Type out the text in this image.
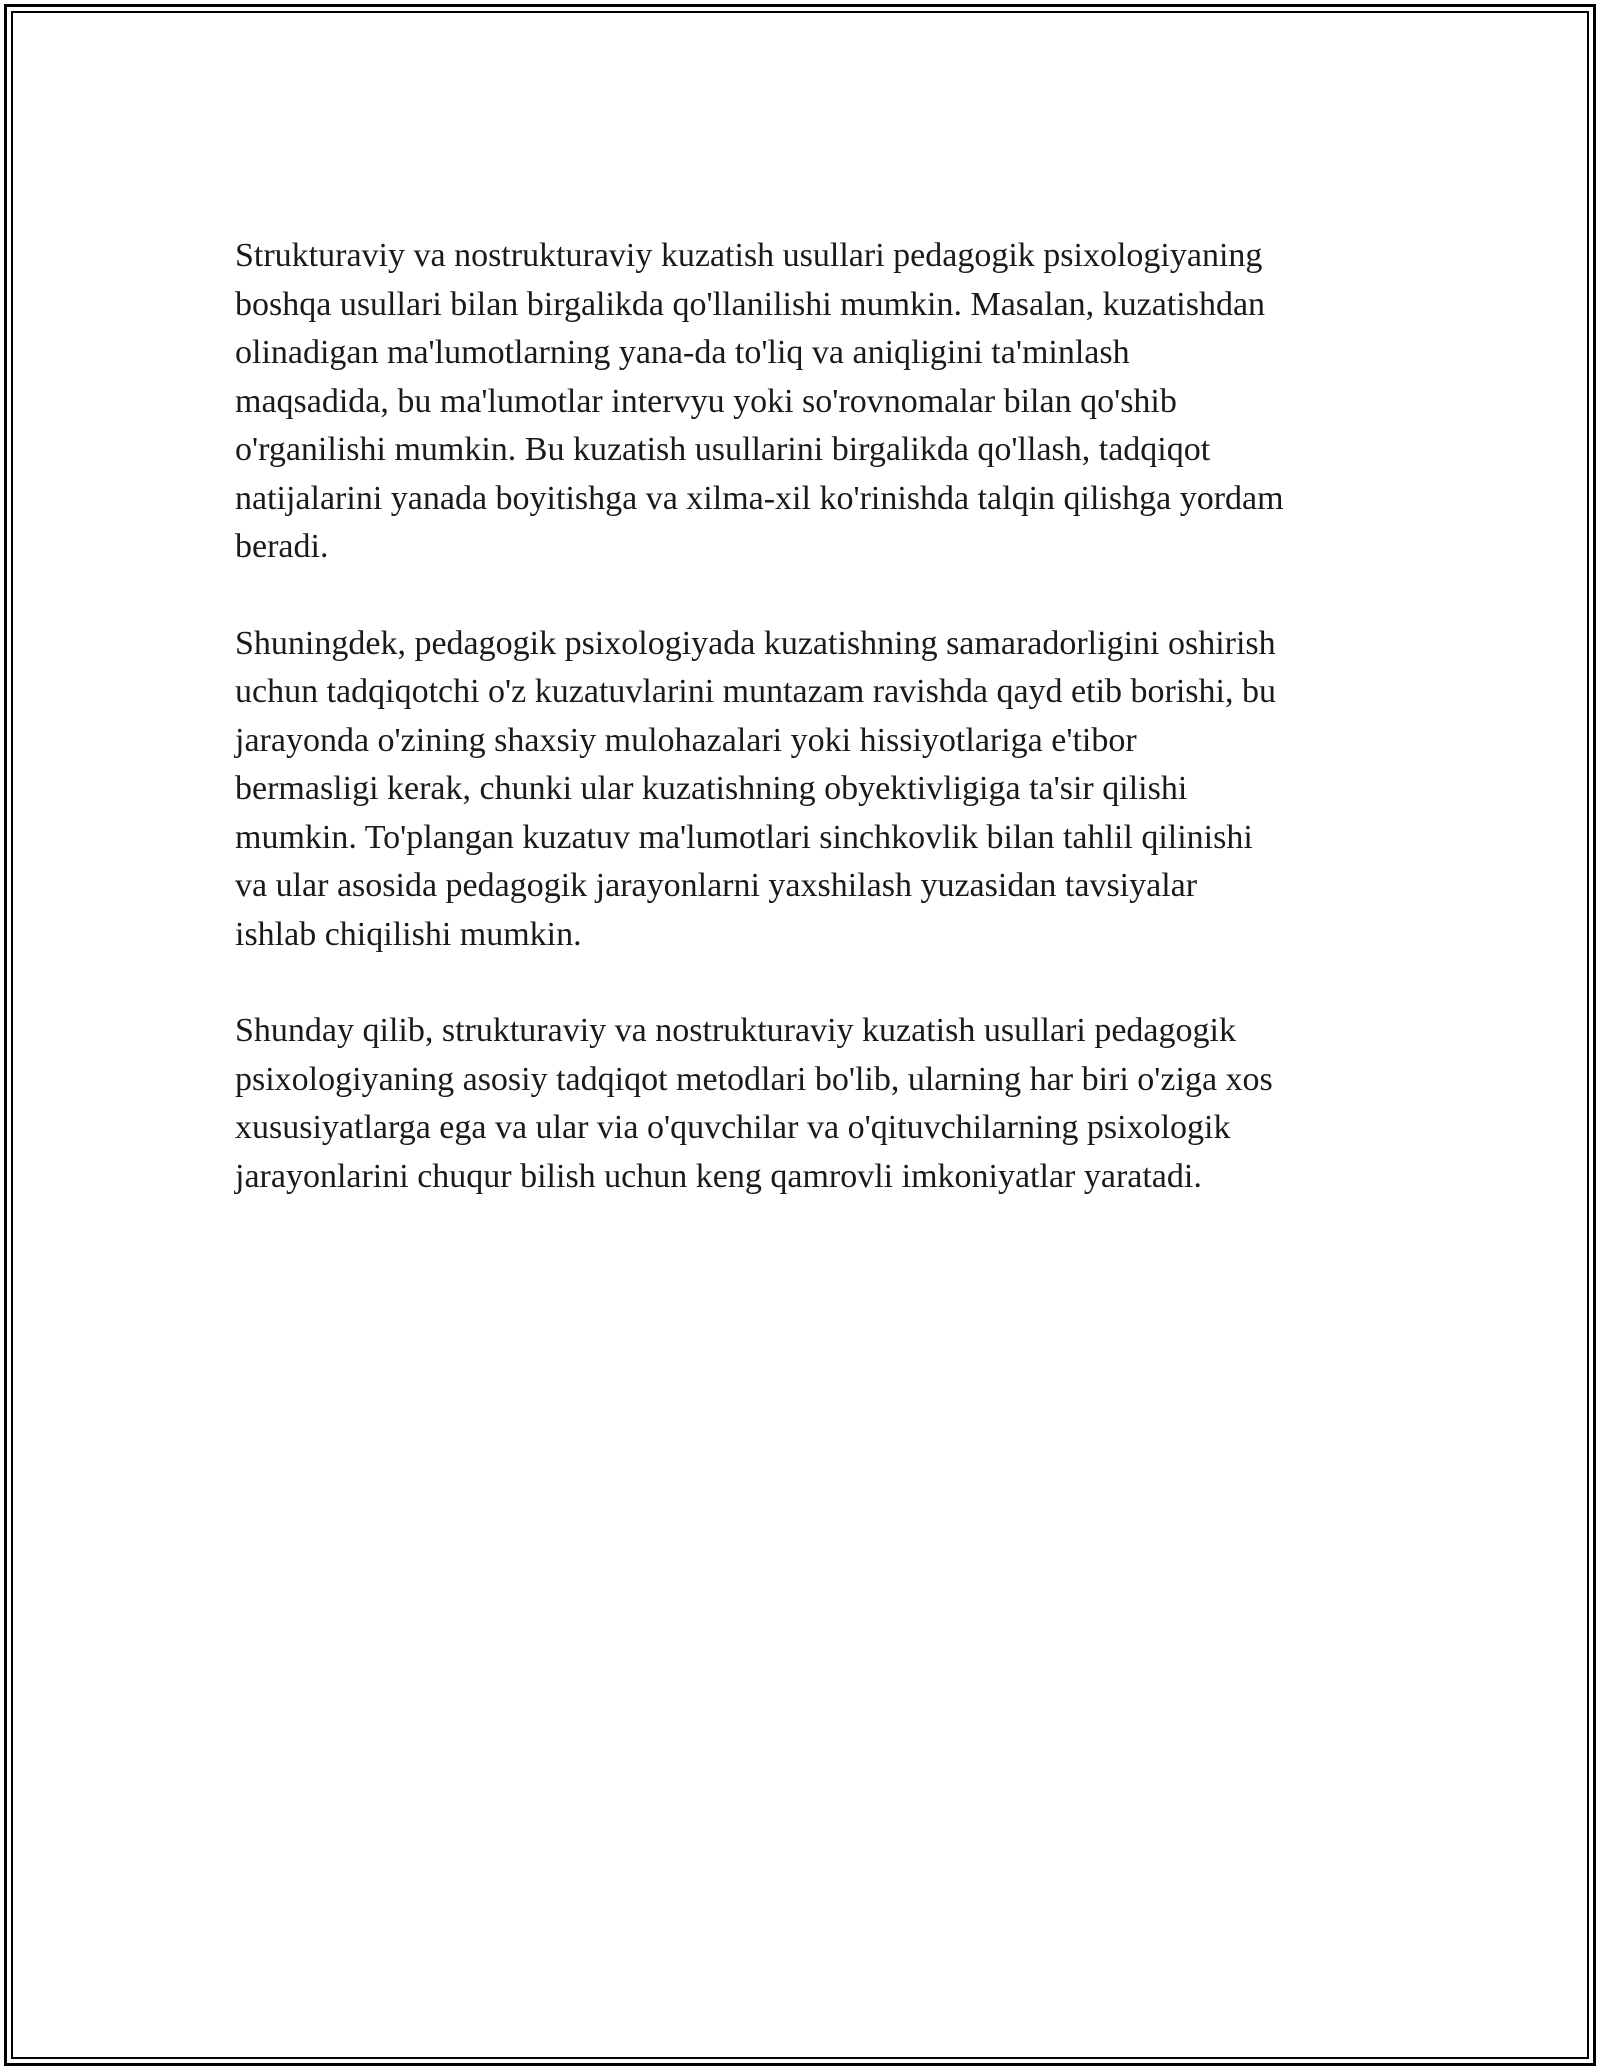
Strukturaviy va nostrukturaviy kuzatish usullari pedagogik psixologiyaning
boshqa usullari bilan birgalikda qo'llanilishi mumkin. Masalan, kuzatishdan
olinadigan ma'lumotlarning yana-da to'liq va aniqligini ta'minlash
maqsadida, bu ma'lumotlar intervyu yoki so'rovnomalar bilan qo'shib
o'rganilishi mumkin. Bu kuzatish usullarini birgalikda qo'llash, tadqiqot
natijalarini yanada boyitishga va xilma-xil ko'rinishda talqin qilishga yordam
beradi.

Shuningdek, pedagogik psixologiyada kuzatishning samaradorligini oshirish
uchun tadqiqotchi o'z kuzatuvlarini muntazam ravishda qayd etib borishi, bu
jarayonda o'zining shaxsiy mulohazalari yoki hissiyotlariga e'tibor
bermasligi kerak, chunki ular kuzatishning obyektivligiga ta'sir qilishi
mumkin. To'plangan kuzatuv ma'lumotlari sinchkovlik bilan tahlil qilinishi
va ular asosida pedagogik jarayonlarni yaxshilash yuzasidan tavsiyalar
ishlab chiqilishi mumkin.

Shunday qilib, strukturaviy va nostrukturaviy kuzatish usullari pedagogik
psixologiyaning asosiy tadqiqot metodlari bo'lib, ularning har biri o'ziga xos
xususiyatlarga ega va ular via o'quvchilar va o'qituvchilarning psixologik
jarayonlarini chuqur bilish uchun keng qamrovli imkoniyatlar yaratadi.
